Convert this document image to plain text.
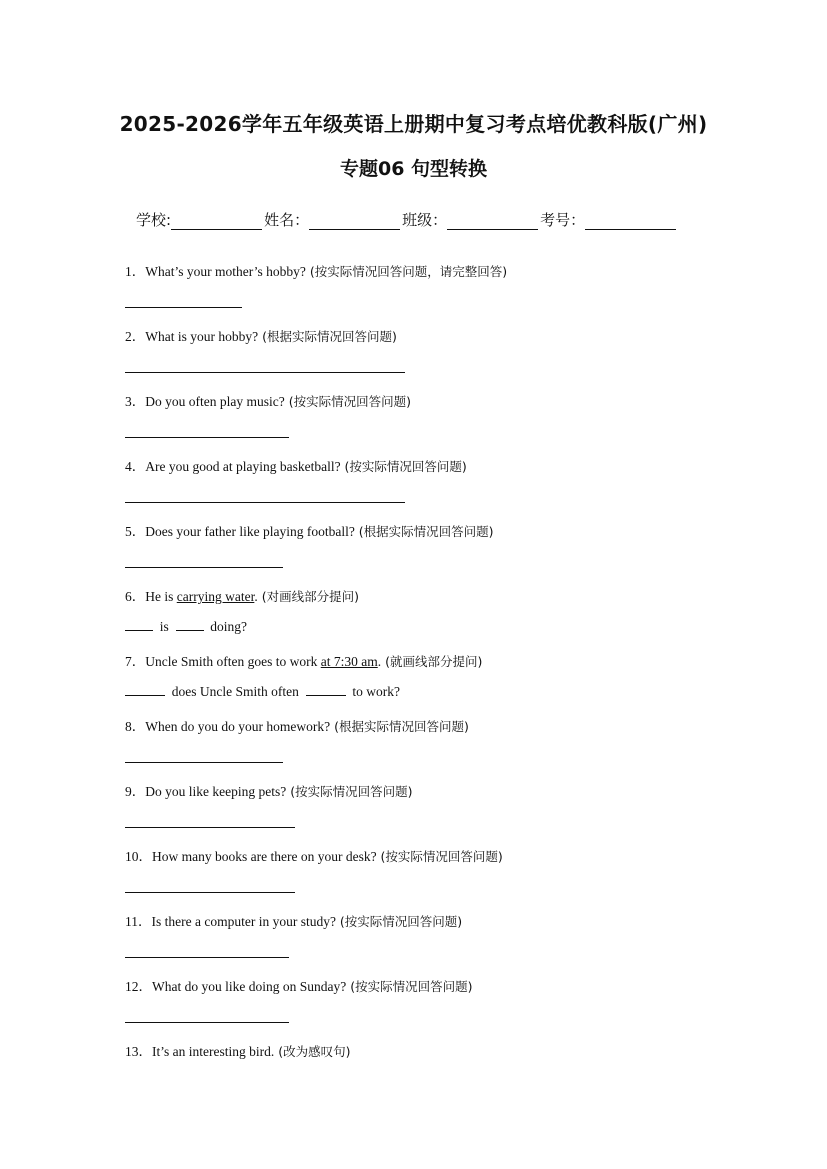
2025-2026学年五年级英语上册期中复习考点培优教科版(广州)
专题06 句型转换
学校:	姓名：	班级：	考号：
1．What’s your mother’s hobby? (按实际情况回答问题，请完整回答)
2．What is your hobby? (根据实际情况回答问题)
3．Do you often play music? (按实际情况回答问题)
4．Are you good at playing basketball? (按实际情况回答问题)
5．Does your father like playing football? (根据实际情况回答问题)
6．He is carrying water. (对画线部分提问)
is	doing?
7．Uncle Smith often goes to work at 7:30 am. (就画线部分提问)
does Uncle Smith often	to work?
8．When do you do your homework? (根据实际情况回答问题)
9．Do you like keeping pets? (按实际情况回答问题)
10．How many books are there on your desk? (按实际情况回答问题)
11．Is there a computer in your study? (按实际情况回答问题)
12．What do you like doing on Sunday? (按实际情况回答问题)
13．It’s an interesting bird. (改为感叹句)
